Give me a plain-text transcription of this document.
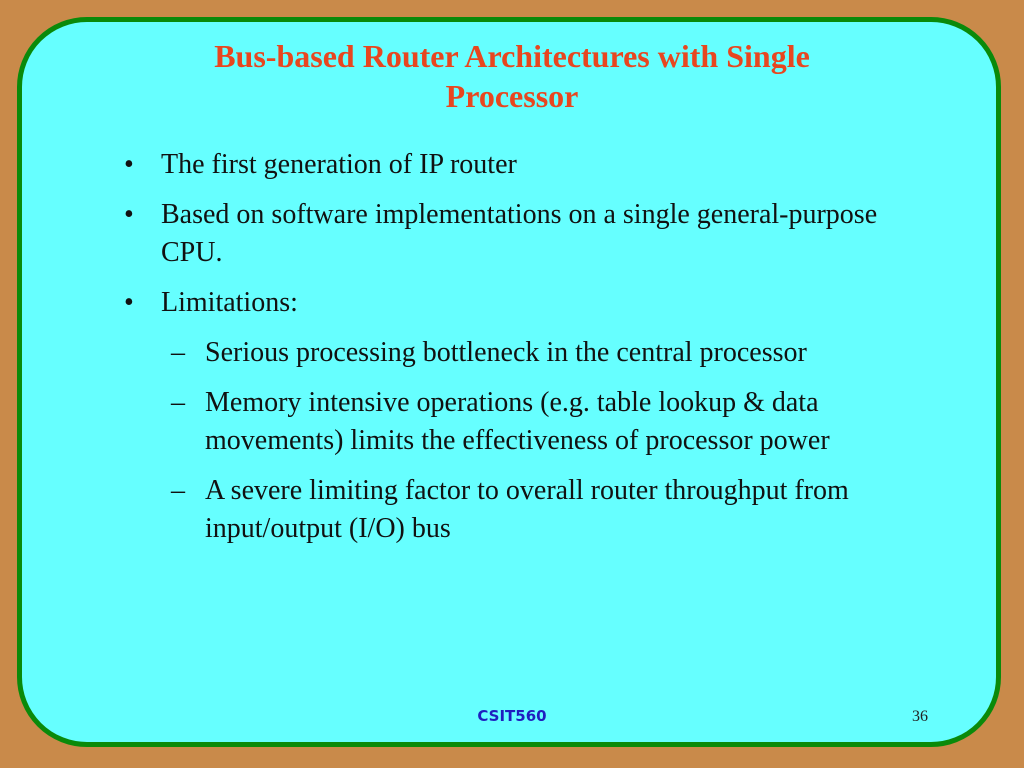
Bus-based Router Architectures with Single
Processor
• The first generation of IP router
• Based on software implementations on a single general-purpose CPU.
• Limitations:
– Serious processing bottleneck in the central processor
– Memory intensive operations (e.g. table lookup & data movements) limits the effectiveness of processor power
– A severe limiting factor to overall router throughput from input/output (I/O) bus
CSIT560	36
